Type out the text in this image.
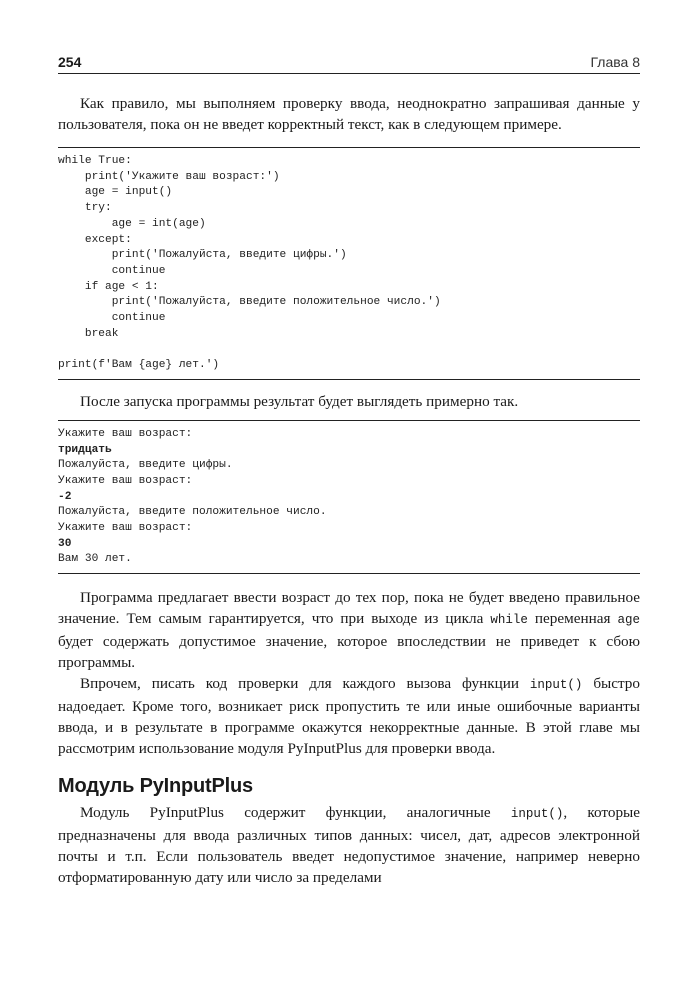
254	Глава 8

Как правило, мы выполняем проверку ввода, неоднократно запрашивая данные у пользователя, пока он не введет корректный текст, как в следующем примере.

while True:
print('Укажите ваш возраст:')
age = input()
try:
age = int(age)
except:
print('Пожалуйста, введите цифры.')
continue
if age < 1:
print('Пожалуйста, введите положительное число.')
continue
break
print(f'Вам {age} лет.')

После запуска программы результат будет выглядеть примерно так.

Укажите ваш возраст:
тридцать
Пожалуйста, введите цифры.
Укажите ваш возраст:
-2
Пожалуйста, введите положительное число.
Укажите ваш возраст:
30
Вам 30 лет.

Программа предлагает ввести возраст до тех пор, пока не будет введено правильное значение. Тем самым гарантируется, что при выходе из цикла while переменная age будет содержать допустимое значение, которое впоследствии не приведет к сбою программы.

Впрочем, писать код проверки для каждого вызова функции input() быстро надоедает. Кроме того, возникает риск пропустить те или иные ошибочные варианты ввода, и в результате в программе окажутся некорректные данные. В этой главе мы рассмотрим использование модуля PyInputPlus для проверки ввода.

Модуль PyInputPlus

Модуль PyInputPlus содержит функции, аналогичные input(), которые предназначены для ввода различных типов данных: чисел, дат, адресов электронной почты и т.п. Если пользователь введет недопустимое значение, например неверно отформатированную дату или число за пределами
